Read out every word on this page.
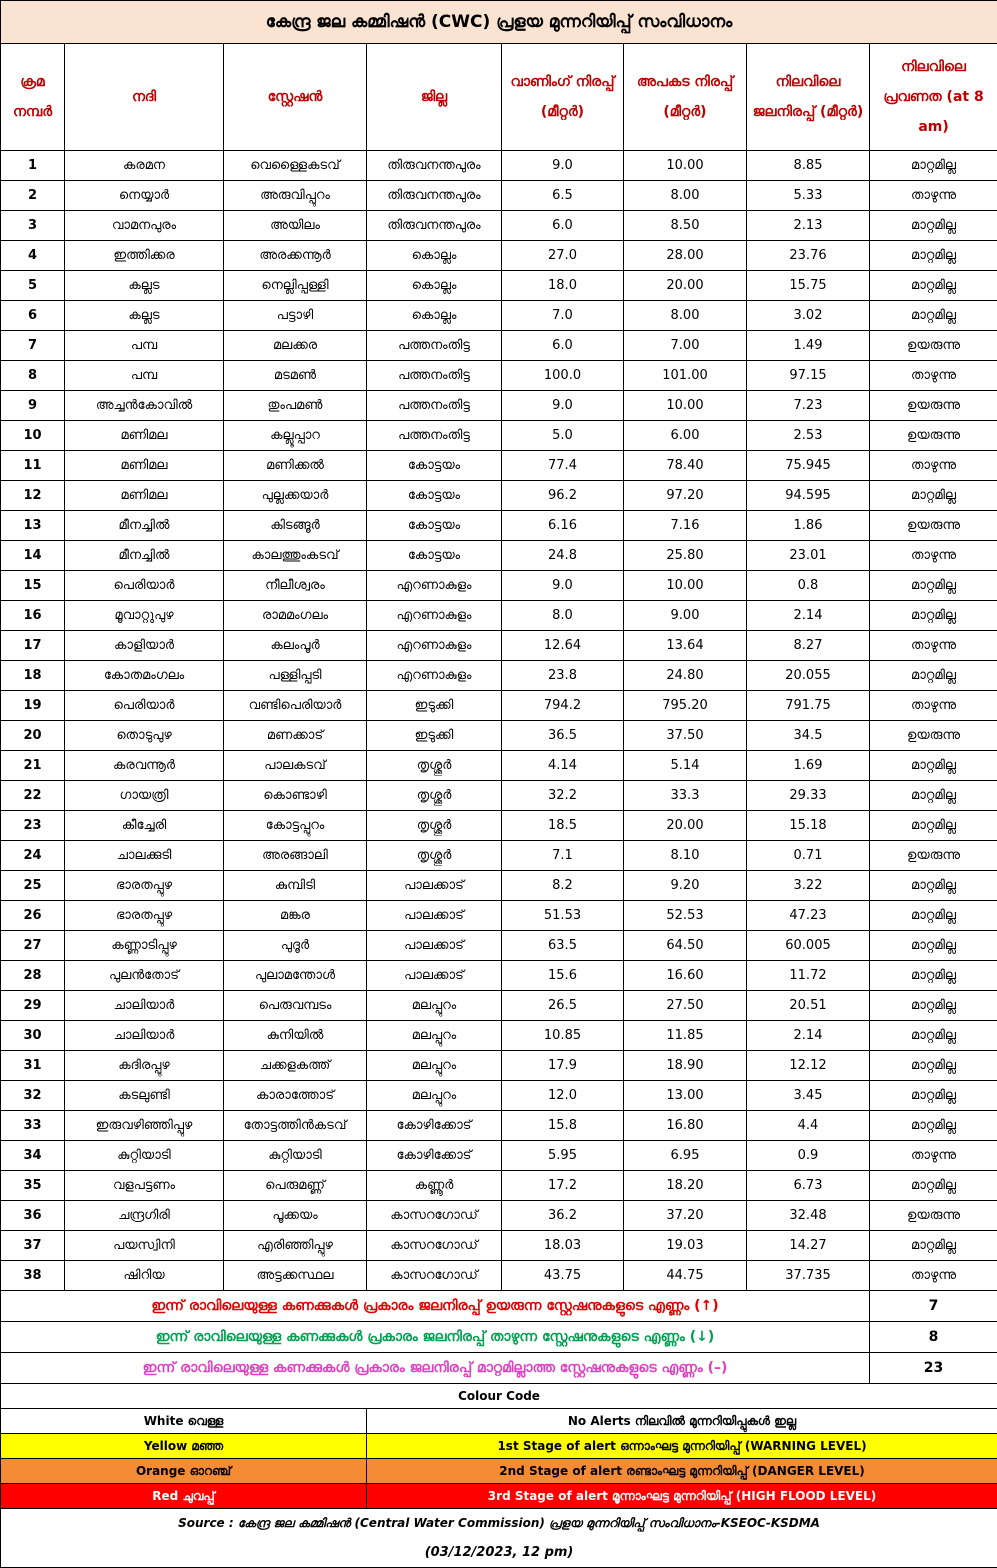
കേന്ദ്ര ജല കമ്മിഷൻ (CWC) പ്രളയ മുന്നറിയിപ്പ് സംവിധാനം							
ക്രമ നമ്പർ	നദി	സ്റ്റേഷൻ	ജില്ല	വാണിംഗ് നിരപ്പ് (മീറ്റർ)	അപകട നിരപ്പ് (മീറ്റർ)	നിലവിലെ ജലനിരപ്പ് (മീറ്റർ)	നിലവിലെ പ്രവണത (at 8 am)
1	കരമന	വെള്ളൈകടവ്	തിരുവനന്തപുരം	9.0	10.00	8.85	മാറ്റമില്ല
2	നെയ്യാർ	അരുവിപ്പുറം	തിരുവനന്തപുരം	6.5	8.00	5.33	താഴുന്നു
3	വാമനപുരം	അയിലം	തിരുവനന്തപുരം	6.0	8.50	2.13	മാറ്റമില്ല
4	ഇത്തിക്കര	അരക്കന്നൂർ	കൊല്ലം	27.0	28.00	23.76	മാറ്റമില്ല
5	കല്ലട	നെല്ലിപ്പള്ളി	കൊല്ലം	18.0	20.00	15.75	മാറ്റമില്ല
6	കല്ലട	പട്ടാഴി	കൊല്ലം	7.0	8.00	3.02	മാറ്റമില്ല
7	പമ്പ	മലക്കര	പത്തനംതിട്ട	6.0	7.00	1.49	ഉയരുന്നു
8	പമ്പ	മടമൺ	പത്തനംതിട്ട	100.0	101.00	97.15	താഴുന്നു
9	അച്ചൻകോവിൽ	തുംപമൺ	പത്തനംതിട്ട	9.0	10.00	7.23	ഉയരുന്നു
10	മണിമല	കല്ലൂപ്പാറ	പത്തനംതിട്ട	5.0	6.00	2.53	ഉയരുന്നു
11	മണിമല	മണിക്കൽ	കോട്ടയം	77.4	78.40	75.945	താഴുന്നു
12	മണിമല	പുല്ലക്കയാർ	കോട്ടയം	96.2	97.20	94.595	മാറ്റമില്ല
13	മീനച്ചിൽ	കിടങ്ങൂർ	കോട്ടയം	6.16	7.16	1.86	ഉയരുന്നു
14	മീനച്ചിൽ	കാലത്തുംകടവ്	കോട്ടയം	24.8	25.80	23.01	താഴുന്നു
15	പെരിയാർ	നീലീശ്വരം	എറണാകുളം	9.0	10.00	0.8	മാറ്റമില്ല
16	മൂവാറ്റുപുഴ	രാമമംഗലം	എറണാകുളം	8.0	9.00	2.14	മാറ്റമില്ല
17	കാളിയാർ	കലംപൂർ	എറണാകുളം	12.64	13.64	8.27	താഴുന്നു
18	കോതമംഗലം	പള്ളിപ്പടി	എറണാകുളം	23.8	24.80	20.055	മാറ്റമില്ല
19	പെരിയാർ	വണ്ടിപെരിയാർ	ഇടുക്കി	794.2	795.20	791.75	താഴുന്നു
20	തൊടുപുഴ	മണക്കാട്	ഇടുക്കി	36.5	37.50	34.5	ഉയരുന്നു
21	കരവന്നൂർ	പാലകടവ്	തൃശ്ശൂർ	4.14	5.14	1.69	മാറ്റമില്ല
22	ഗായത്രി	കൊണ്ടാഴി	തൃശ്ശൂർ	32.2	33.3	29.33	മാറ്റമില്ല
23	കീച്ചേരി	കോട്ടപ്പുറം	തൃശ്ശൂർ	18.5	20.00	15.18	മാറ്റമില്ല
24	ചാലക്കുടി	അരങ്ങാലി	തൃശ്ശൂർ	7.1	8.10	0.71	ഉയരുന്നു
25	ഭാരതപ്പുഴ	കുമ്പിടി	പാലക്കാട്	8.2	9.20	3.22	മാറ്റമില്ല
26	ഭാരതപ്പുഴ	മങ്കര	പാലക്കാട്	51.53	52.53	47.23	മാറ്റമില്ല
27	കണ്ണാടിപ്പുഴ	പുദൂർ	പാലക്കാട്	63.5	64.50	60.005	മാറ്റമില്ല
28	പുലൻതോട്	പുലാമന്തോൾ	പാലക്കാട്	15.6	16.60	11.72	മാറ്റമില്ല
29	ചാലിയാർ	പെരുവമ്പടം	മലപ്പുറം	26.5	27.50	20.51	മാറ്റമില്ല
30	ചാലിയാർ	കുനിയിൽ	മലപ്പുറം	10.85	11.85	2.14	മാറ്റമില്ല
31	കദിരപ്പുഴ	ചക്കളകത്ത്	മലപ്പുറം	17.9	18.90	12.12	മാറ്റമില്ല
32	കടലുണ്ടി	കാരാത്തോട്	മലപ്പുറം	12.0	13.00	3.45	മാറ്റമില്ല
33	ഇരുവഴിഞ്ഞിപ്പുഴ	തോട്ടത്തിൻകടവ്	കോഴിക്കോട്	15.8	16.80	4.4	മാറ്റമില്ല
34	കുറ്റിയാടി	കുറ്റിയാടി	കോഴിക്കോട്	5.95	6.95	0.9	താഴുന്നു
35	വളപട്ടണം	പെരുമണ്ണ്	കണ്ണൂർ	17.2	18.20	6.73	മാറ്റമില്ല
36	ചന്ദ്രഗിരി	പൂക്കയം	കാസറഗോഡ്	36.2	37.20	32.48	ഉയരുന്നു
37	പയസ്വിനി	എരിഞ്ഞിപ്പുഴ	കാസറഗോഡ്	18.03	19.03	14.27	മാറ്റമില്ല
38	ഷിറിയ	അട്ടക്കസ്ഥല	കാസറഗോഡ്	43.75	44.75	37.735	താഴുന്നു
ഇന്ന് രാവിലെയുള്ള കണക്കുകൾ പ്രകാരം ജലനിരപ്പ് ഉയരുന്ന സ്റ്റേഷനുകളുടെ എണ്ണം (↑)							7
ഇന്ന് രാവിലെയുള്ള കണക്കുകൾ പ്രകാരം ജലനിരപ്പ് താഴുന്ന സ്റ്റേഷനുകളുടെ എണ്ണം (↓)							8
ഇന്ന് രാവിലെയുള്ള കണക്കുകൾ പ്രകാരം ജലനിരപ്പ് മാറ്റമില്ലാത്ത സ്റ്റേഷനുകളുടെ എണ്ണം (–)							23
Colour Code							
White വെള്ള			No Alerts നിലവിൽ മുന്നറിയിപ്പുകൾ ഇല്ല				
Yellow മഞ്ഞ			1st Stage of alert ഒന്നാംഘട്ട മുന്നറിയിപ്പ് (WARNING LEVEL)				
Orange ഓറഞ്ച്			2nd Stage of alert രണ്ടാംഘട്ട മുന്നറിയിപ്പ് (DANGER LEVEL)				
Red ചുവപ്പ്			3rd Stage of alert മൂന്നാംഘട്ട മുന്നറിയിപ്പ് (HIGH FLOOD LEVEL)				
Source : കേന്ദ്ര ജല കമ്മിഷൻ (Central Water Commission) പ്രളയ മുന്നറിയിപ്പ് സംവിധാനം-KSEOC-KSDMA							
(03/12/2023, 12 pm)							
